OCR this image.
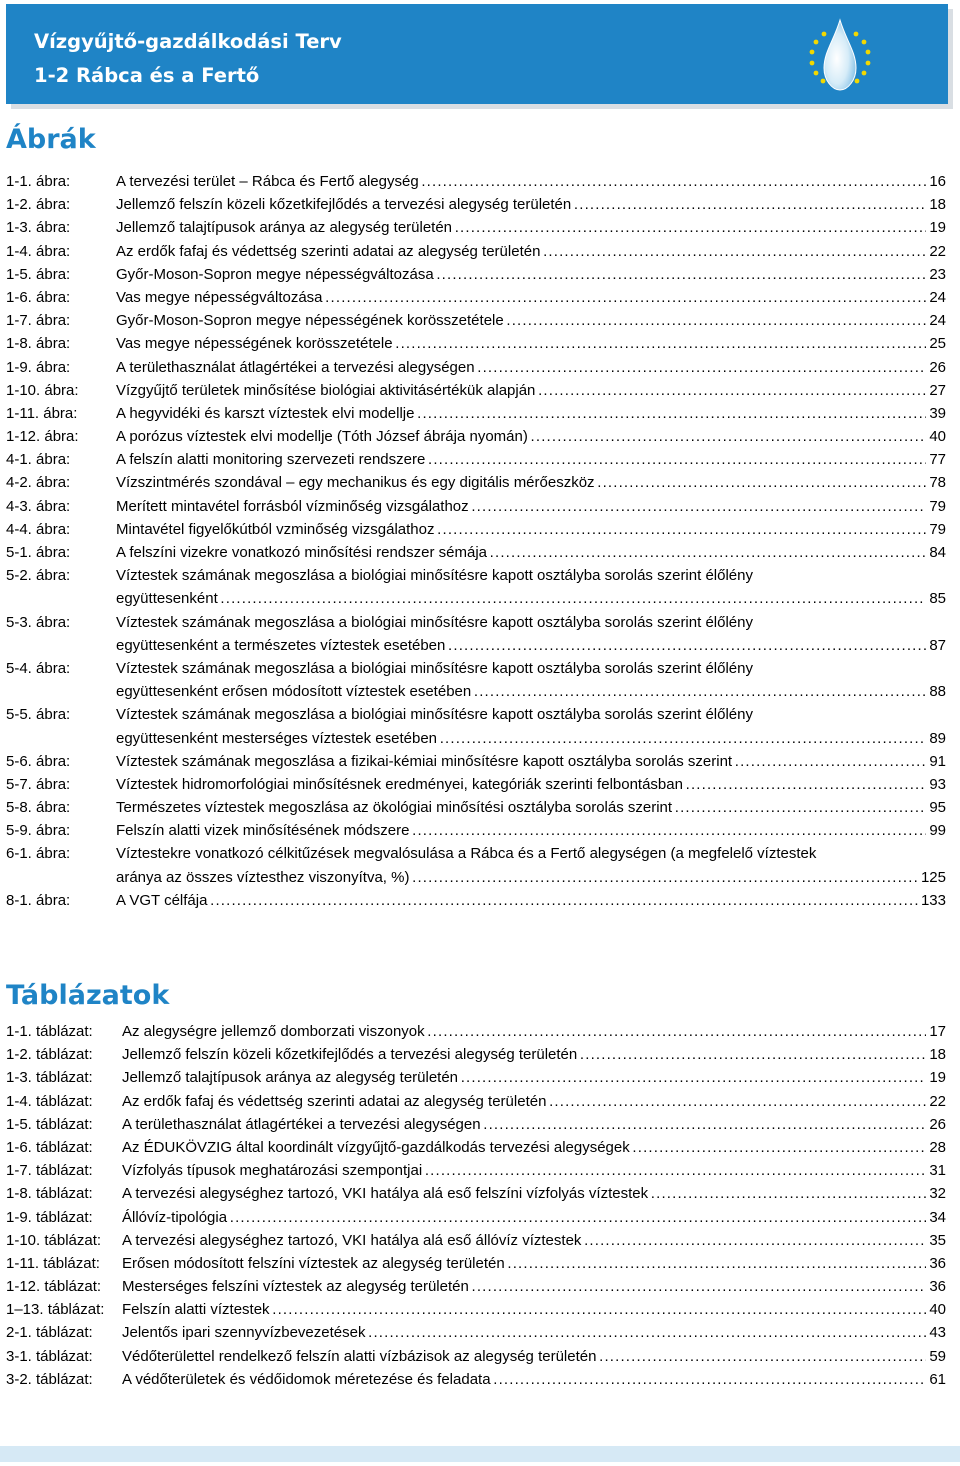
Vízgyűjtő-gazdálkodási Terv
1-2 Rábca és a Fertő
Ábrák
1-1. ábra:	A tervezési terület – Rábca és Fertő alegység . . .	16
1-2. ábra:	Jellemző felszín közeli kőzetkifejlődés a tervezési alegység területén . . .	18
1-3. ábra:	Jellemző talajtípusok aránya az alegység területén . . .	19
1-4. ábra:	Az erdők fafaj és védettség szerinti adatai az alegység területén . . .	22
1-5. ábra:	Győr-Moson-Sopron megye népességváltozása . . .	23
1-6. ábra:	Vas megye népességváltozása . . .	24
1-7. ábra:	Győr-Moson-Sopron megye népességének korösszetétele . . .	24
1-8. ábra:	Vas megye népességének korösszetétele . . .	25
1-9. ábra:	A területhasználat átlagértékei a tervezési alegységen . . .	26
1-10. ábra: Vízgyűjtő területek minősítése biológiai aktivitásértékük alapján . . .	27
1-11. ábra:	A hegyvidéki és karszt víztestek elvi modellje . . .	39
1-12. ábra: A porózus víztestek elvi modellje (Tóth József ábrája nyomán) . . .	40
4-1. ábra:	A felszín alatti monitoring szervezeti rendszere . . .	77
4-2. ábra:	Vízszintmérés szondával – egy mechanikus és egy digitális mérőeszköz . . .	78
4-3. ábra:	Merített mintavétel forrásból vízminőség vizsgálathoz . . .	79
4-4. ábra:	Mintavétel figyelőkútból vzminőség vizsgálathoz . . .	79
5-1. ábra:	A felszíni vizekre vonatkozó minősítési rendszer sémája . . .	84
5-2. ábra:	Víztestek számának megoszlása a biológiai minősítésre kapott osztályba sorolás szerint élőlény
együttesenként . . .	85
5-3. ábra:	Víztestek számának megoszlása a biológiai minősítésre kapott osztályba sorolás szerint élőlény
együttesenként a természetes víztestek esetében . . .	87
5-4. ábra:	Víztestek számának megoszlása a biológiai minősítésre kapott osztályba sorolás szerint élőlény
együttesenként erősen módosított víztestek esetében . . .	88
5-5. ábra:	Víztestek számának megoszlása a biológiai minősítésre kapott osztályba sorolás szerint élőlény
együttesenként mesterséges víztestek esetében . . .	89
5-6. ábra:	Víztestek számának megoszlása a fizikai-kémiai minősítésre kapott osztályba sorolás szerint . . .	91
5-7. ábra:	Víztestek hidromorfológiai minősítésnek eredményei, kategóriák szerinti felbontásban . . .	93
5-8. ábra:	Természetes víztestek megoszlása az ökológiai minősítési osztályba sorolás szerint . . .	95
5-9. ábra:	Felszín alatti vizek minősítésének módszere . . .	99
6-1. ábra:	Víztestekre vonatkozó célkitűzések megvalósulása a Rábca és a Fertő alegységen (a megfelelő víztestek
aránya az összes víztesthez viszonyítva, %) . . .	125
8-1. ábra:	A VGT célfája . . .	133
Táblázatok
1-1. táblázat: Az alegységre jellemző domborzati viszonyok . . .	17
1-2. táblázat: Jellemző felszín közeli kőzetkifejlődés a tervezési alegység területén . . .	18
1-3. táblázat: Jellemző talajtípusok aránya az alegység területén . . .	19
1-4. táblázat: Az erdők fafaj és védettség szerinti adatai az alegység területén . . .	22
1-5. táblázat: A területhasználat átlagértékei a tervezési alegységen . . .	26
1-6. táblázat: Az ÉDUKÖVZIG által koordinált vízgyűjtő-gazdálkodás tervezési alegységek . . .	28
1-7. táblázat: Vízfolyás típusok meghatározási szempontjai . . .	31
1-8. táblázat: A tervezési alegységhez tartozó, VKI hatálya alá eső felszíni vízfolyás víztestek . . .	32
1-9. táblázat: Állóvíz-tipológia . . .	34
1-10. táblázat: A tervezési alegységhez tartozó, VKI hatálya alá eső állóvíz víztestek . . .	35
1-11. táblázat: Erősen módosított felszíni víztestek az alegység területén . . .	36
1-12. táblázat: Mesterséges felszíni víztestek az alegység területén . . .	36
1–13. táblázat: Felszín alatti víztestek . . .	40
2-1. táblázat: Jelentős ipari szennyvízbevezetések . . .	43
3-1. táblázat: Védőterülettel rendelkező felszín alatti vízbázisok az alegység területén . . .	59
3-2. táblázat: A védőterületek és védőidomok méretezése és feladata . . .	61
